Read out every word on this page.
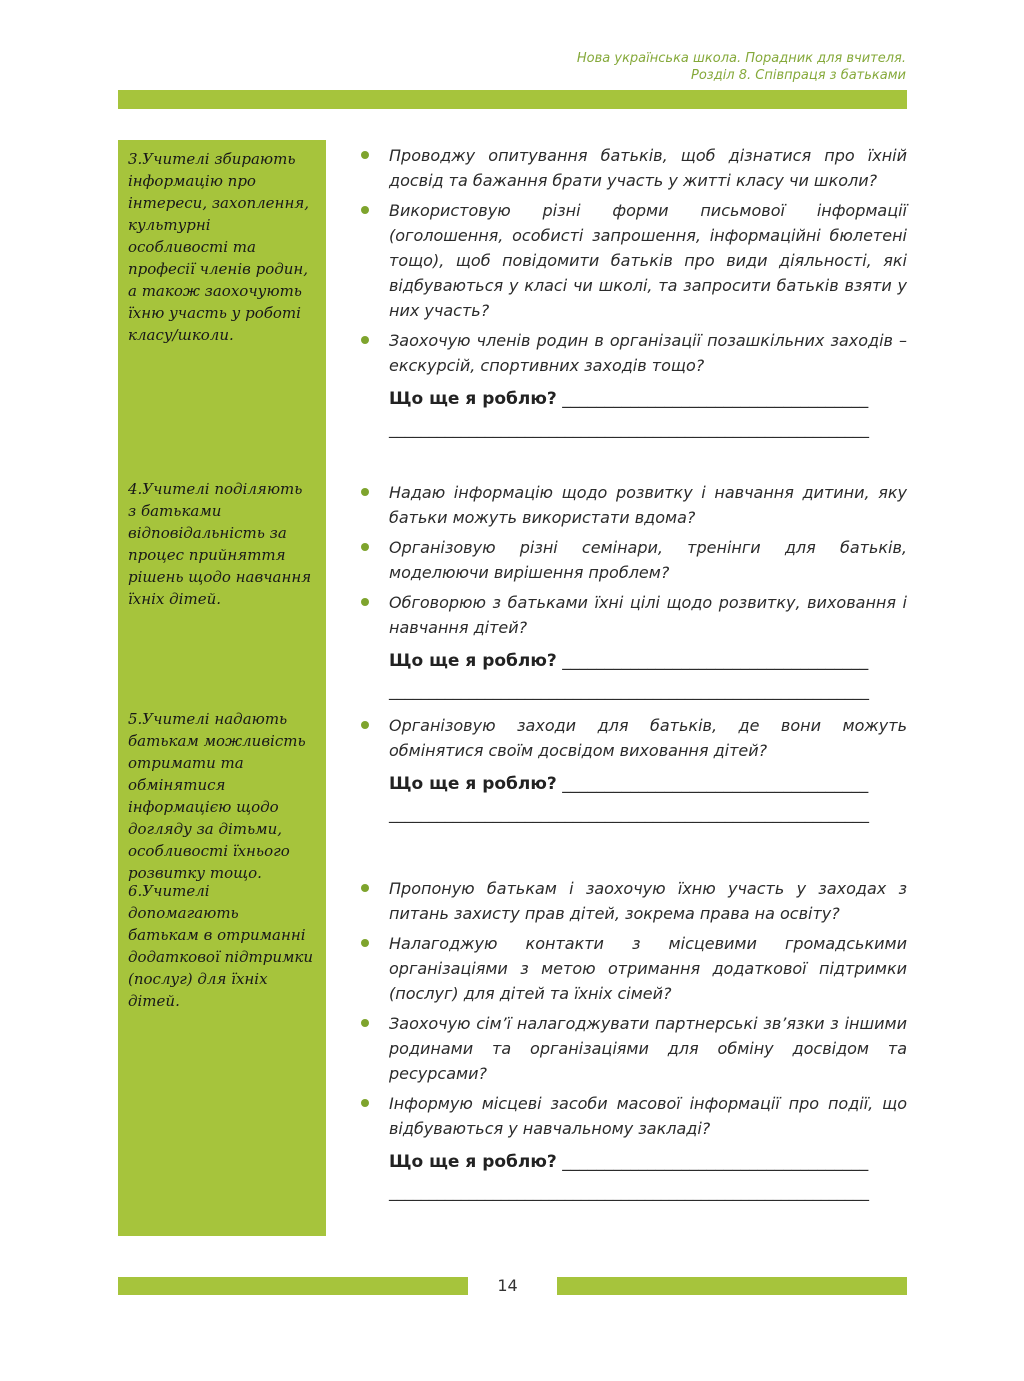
Нова українська школа. Порадник для вчителя.
Розділ 8. Співпраця з батьками
3.Учителі збирають інформацію про інтереси, захоплення, культурні особливості та професії членів родин, а також заохочують їхню участь у роботі класу/школи.
4.Учителі поділяють з батьками відповідальність за процес прийняття рішень щодо навчання їхніх дітей.
5.Учителі надають батькам можливість отримати та обмінятися інформацією щодо догляду за дітьми, особливості їхнього розвитку тощо.
6.Учителі допомагають батькам в отриманні додаткової підтримки (послуг) для їхніх дітей.
Проводжу опитування батьків, щоб дізнатися про їхній досвід та бажання брати участь у житті класу чи школи?
Використовую різні форми письмової інформації (оголошення, особисті запрошення, інформаційні бюлетені тощо), щоб повідомити батьків про види діяльності, які відбуваються у класі чи школі, та запросити батьків взяти у них участь?
Заохочую членів родин в організації позашкільних заходів – екскурсій, спортивних заходів тощо?
Що ще я роблю? ____________________________________
____________________________________________________________
Надаю інформацію щодо розвитку і навчання дитини, яку батьки можуть використати вдома?
Організовую різні семінари, тренінги для батьків, моделюючи вирішення проблем?
Обговорюю з батьками їхні цілі щодо розвитку, виховання і навчання дітей?
Що ще я роблю? ____________________________________
____________________________________________________________
Організовую заходи для батьків, де вони можуть обмінятися своїм досвідом виховання дітей?
Що ще я роблю? ____________________________________
____________________________________________________________
Пропоную батькам і заохочую їхню участь у заходах з питань захисту прав дітей, зокрема права на освіту?
Налагоджую контакти з місцевими громадськими організаціями з метою отримання додаткової підтримки (послуг) для дітей та їхніх сімей?
Заохочую сім’ї налагоджувати партнерські зв’язки з іншими родинами та організаціями для обміну досвідом та ресурсами?
Інформую місцеві засоби масової інформації про події, що відбуваються у навчальному закладі?
Що ще я роблю? ____________________________________
____________________________________________________________
14
